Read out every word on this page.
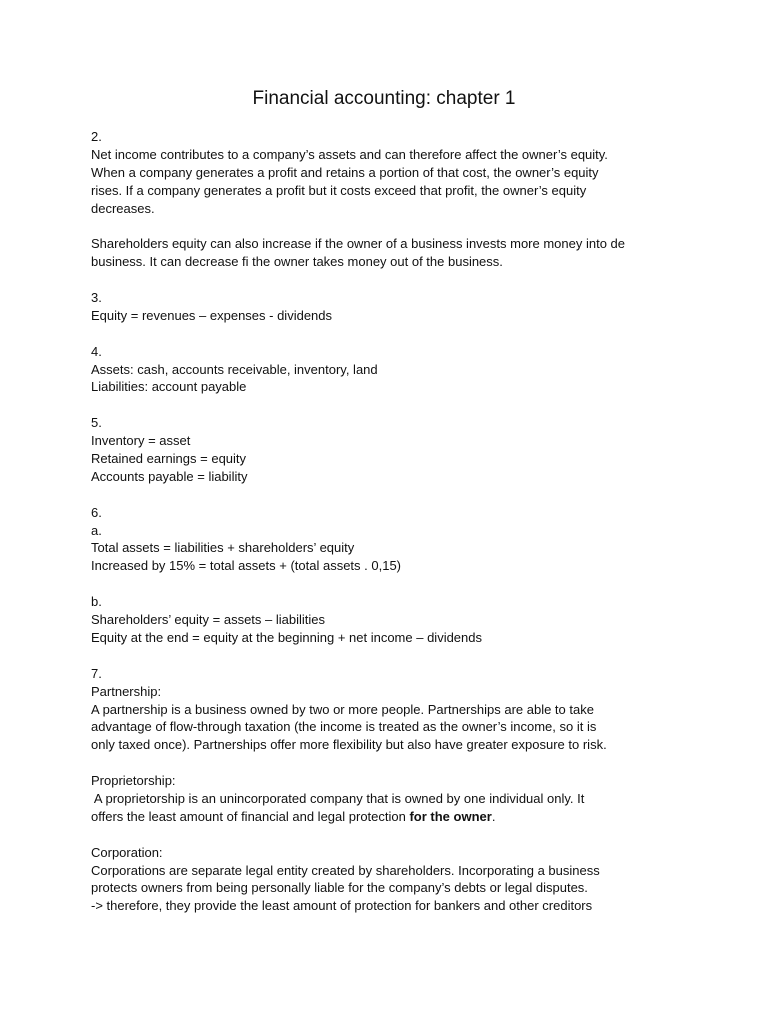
Financial accounting: chapter 1
2.
Net income contributes to a company’s assets and can therefore affect the owner’s equity.
When a company generates a profit and retains a portion of that cost, the owner’s equity
rises. If a company generates a profit but it costs exceed that profit, the owner’s equity
decreases.
Shareholders equity can also increase if the owner of a business invests more money into de
business. It can decrease fi the owner takes money out of the business.
3.
Equity = revenues – expenses - dividends
4.
Assets: cash, accounts receivable, inventory, land
Liabilities: account payable
5.
Inventory = asset
Retained earnings = equity
Accounts payable = liability
6.
a.
Total assets = liabilities + shareholders’ equity
Increased by 15% = total assets + (total assets . 0,15)
b.
Shareholders’ equity = assets – liabilities
Equity at the end = equity at the beginning + net income – dividends
7.
Partnership:
A partnership is a business owned by two or more people. Partnerships are able to take
advantage of flow-through taxation (the income is treated as the owner’s income, so it is
only taxed once). Partnerships offer more flexibility but also have greater exposure to risk.
Proprietorship:
A proprietorship is an unincorporated company that is owned by one individual only. It
offers the least amount of financial and legal protection for the owner.
Corporation:
Corporations are separate legal entity created by shareholders. Incorporating a business
protects owners from being personally liable for the company’s debts or legal disputes.
-> therefore, they provide the least amount of protection for bankers and other creditors
